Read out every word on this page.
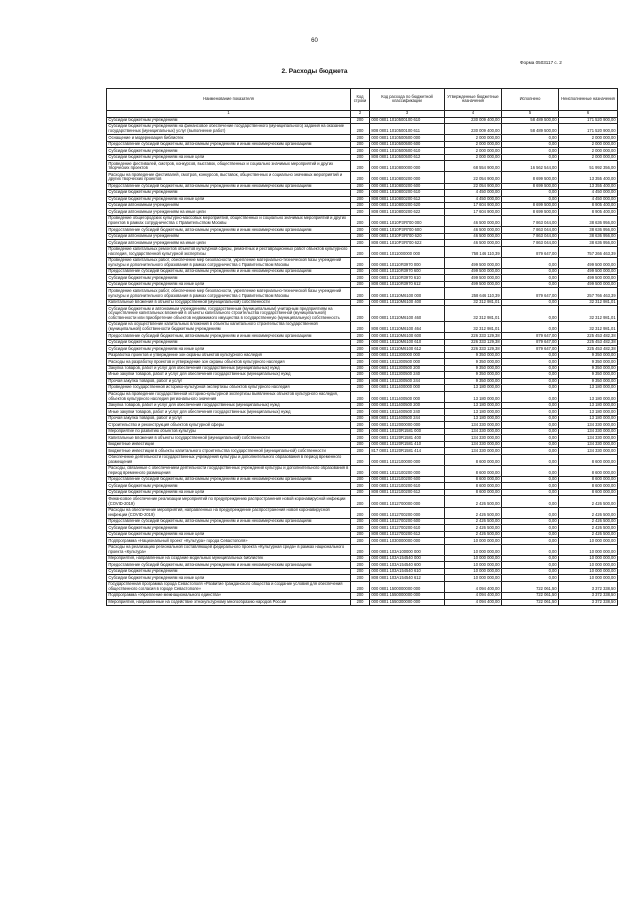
60
Форма 0503117 с. 2
2. Расходы бюджета
Наименование показателя	Код строки	Код расхода по бюджетной классификации	Утвержденные бюджетные назначения	Исполнено	Неисполненные назначения
1	2	3	4	5	6
Субсидии бюджетным учреждениям	200	000 0801 1010500100 610	230 009 400,00	58 489 500,00	171 520 900,00
Субсидии бюджетным учреждениям на финансовое обеспечение государственного (муниципального) задания на оказание государственных (муниципальных) услуг (выполнение работ)	200	808 0801 1010500100 611	230 009 400,00	58 489 500,00	171 520 900,00
Оснащение и модернизация библиотек	200	000 0801 1010500500 000	2 000 000,00	0,00	2 000 000,00
Предоставление субсидий бюджетным, автономным учреждениям и иным некоммерческим организациям	200	000 0801 1010500500 600	2 000 000,00	0,00	2 000 000,00
Субсидии бюджетным учреждениям	200	000 0801 1010500500 610	2 000 000,00	0,00	2 000 000,00
Субсидии бюджетным учреждениям на иные цели	200	808 0801 1010500500 612	2 000 000,00	0,00	2 000 000,00
Проведение фестивалей, смотров, конкурсов, выставок, общественных и социально значимых мероприятий и других творческих проектов	200	000 0801 1010800000 000	68 554 900,00	16 562 544,00	51 992 356,00
Расходы на проведение фестивалей, смотров, конкурсов, выставок, общественных и социально значимых мероприятий и других творческих проектов	200	000 0801 1010800200 000	22 054 900,00	8 699 500,00	13 355 400,00
Предоставление субсидий бюджетным, автономным учреждениям и иным некоммерческим организациям	200	000 0801 1010800200 600	22 054 900,00	8 699 500,00	13 355 400,00
Субсидии бюджетным учреждениям	200	000 0801 1010800200 610	4 450 000,00	0,00	4 450 000,00
Субсидии бюджетным учреждениям на иные цели	200	808 0801 1010800200 612	4 450 000,00	0,00	4 450 000,00
Субсидии автономным учреждениям	200	000 0801 1010800200 620	17 604 900,00	8 699 500,00	8 905 400,00
Субсидии автономным учреждениям на иные цели	200	808 0801 1010800200 622	17 604 900,00	8 699 500,00	8 905 400,00
Проведение общегородских культурно-массовых мероприятий, общественных и социально значимых мероприятий и других проектов в рамках сотрудничества с Правительством Москвы	200	000 0801 1010Р3Я700 000	46 500 000,00	7 863 044,00	38 636 956,00
Предоставление субсидий бюджетным, автономным учреждениям и иным некоммерческим организациям	200	000 0801 1010Р3Я700 600	46 500 000,00	7 863 044,00	38 636 956,00
Субсидии автономным учреждениям	200	000 0801 1010Р3Я700 620	46 500 000,00	7 863 044,00	38 636 956,00
Субсидии автономным учреждениям на иные цели	200	808 0801 1010Р3Я700 622	46 500 000,00	7 863 044,00	38 636 956,00
Проведение капитальных ремонтов объектов культурной сферы, ремонтных и реставрационных работ объектов культурного наследия, государственной культурной экспертизы	200	000 0801 1011000000 000	758 146 110,39	879 647,00	757 266 463,39
Проведение капитальных работ, обеспечение мер безопасности, укрепление материально-технической базы учреждений культуры и дополнительного образования в рамках сотрудничества с Правительством Москвы	200	000 0801 10110Я3970 000	499 500 000,00	0,00	499 500 000,00
Предоставление субсидий бюджетным, автономным учреждениям и иным некоммерческим организациям	200	000 0801 10110Я3970 600	499 500 000,00	0,00	499 500 000,00
Субсидии бюджетным учреждениям	200	000 0801 10110Я3970 610	499 500 000,00	0,00	499 500 000,00
Субсидии бюджетным учреждениям на иные цели	200	808 0801 10110Я3970 612	499 500 000,00	0,00	499 500 000,00
Проведение капитальных работ, обеспечение мер безопасности, укрепление материально-технической базы учреждений культуры и дополнительного образования в рамках сотрудничества с Правительством Москвы	200	000 0801 10110М6100 000	258 646 110,39	879 647,00	257 766 463,39
Капитальные вложения в объекты государственной (муниципальной) собственности	200	000 0801 10110М6100 400	32 312 981,01	0,00	32 312 981,01
Субсидии бюджетным и автономным учреждениям, государственным (муниципальным) унитарным предприятиям на осуществление капитальных вложений в объекты капитального строительства государственной (муниципальной) собственности или приобретение объектов недвижимого имущества в государственную (муниципальную) собственность	200	000 0801 10110М6100 460	32 312 981,01	0,00	32 312 981,01
Субсидии на осуществление капитальных вложений в объекты капитального строительства государственной (муниципальной) собственности бюджетным учреждениям	200	808 0801 10110М6100 464	32 312 981,01	0,00	32 312 981,01
Предоставление субсидий бюджетным, автономным учреждениям и иным некоммерческим организациям	200	000 0801 10110М6100 600	226 333 129,38	879 647,00	225 453 482,38
Субсидии бюджетным учреждениям	200	000 0801 10110М6100 610	226 333 129,38	879 647,00	225 453 482,38
Субсидии бюджетным учреждениям на иные цели	200	808 0801 10110М6100 612	226 333 129,38	879 647,00	225 453 482,38
Разработка проектов и утверждение зон охраны объектов культурного наследия	200	000 0801 1011300000 000	9 350 000,00	0,00	9 350 000,00
Расходы на разработку проектов и утверждение зон охраны объектов культурного наследия	200	000 0801 1011300500 000	9 350 000,00	0,00	9 350 000,00
Закупка товаров, работ и услуг для обеспечения государственных (муниципальных) нужд	200	000 0801 1011300500 200	9 350 000,00	0,00	9 350 000,00
Иные закупки товаров, работ и услуг для обеспечения государственных (муниципальных) нужд	200	000 0801 1011300500 240	9 350 000,00	0,00	9 350 000,00
Прочая закупка товаров, работ и услуг	200	808 0801 1011300500 244	9 350 000,00	0,00	9 350 000,00
Проведение государственной историко-культурной экспертизы объектов культурного наследия	200	000 0801 1011400000 000	13 180 000,00	0,00	13 180 000,00
Расходы на проведение государственной историко-культурной экспертизы выявленных объектов культурного наследия, объектов культурного наследия регионального значения	200	000 0801 1011400500 000	13 180 000,00	0,00	13 180 000,00
Закупка товаров, работ и услуг для обеспечения государственных (муниципальных) нужд	200	000 0801 1011400500 200	13 180 000,00	0,00	13 180 000,00
Иные закупки товаров, работ и услуг для обеспечения государственных (муниципальных) нужд	200	000 0801 1011400500 240	13 180 000,00	0,00	13 180 000,00
Прочая закупка товаров, работ и услуг	200	808 0801 1011400500 244	13 180 000,00	0,00	13 180 000,00
Строительство и реконструкция объектов культурной сферы	200	000 0801 1012000000 000	134 330 000,00	0,00	134 330 000,00
Мероприятие по развитию объектов культуры	200	000 0801 10120R1581 000	134 330 000,00	0,00	134 330 000,00
Капитальные вложения в объекты государственной (муниципальной) собственности	200	000 0801 10120R1581 400	134 330 000,00	0,00	134 330 000,00
Бюджетные инвестиции	200	000 0801 10120R1581 410	134 330 000,00	0,00	134 330 000,00
Бюджетные инвестиции в объекты капитального строительства государственной (муниципальной) собственности	200	817 0801 10120R1581 414	134 330 000,00	0,00	134 330 000,00
Обеспечение деятельности государственных учреждений культуры и дополнительного образования в период временного размещения	200	000 0801 1012100000 000	8 600 000,00	0,00	8 600 000,00
Расходы, связанные с обеспечением деятельности государственных учреждений культуры и дополнительного образования в период временного размещения	200	000 0801 1012100200 000	8 600 000,00	0,00	8 600 000,00
Предоставление субсидий бюджетным, автономным учреждениям и иным некоммерческим организациям	200	000 0801 1012100200 600	8 600 000,00	0,00	8 600 000,00
Субсидии бюджетным учреждениям	200	000 0801 1012100200 610	8 600 000,00	0,00	8 600 000,00
Субсидии бюджетным учреждениям на иные цели	200	808 0801 1012100200 612	8 600 000,00	0,00	8 600 000,00
Финансовое обеспечение реализации мероприятий по предупреждению распространения новой коронавирусной инфекции (COVID-2019)	200	000 0801 1012700000 000	2 426 500,00	0,00	2 426 500,00
Расходы на обеспечение мероприятий, направленных на предупреждение распространения новой коронавирусной инфекции (COVID-2019)	200	000 0801 1012700200 000	2 426 500,00	0,00	2 426 500,00
Предоставление субсидий бюджетным, автономным учреждениям и иным некоммерческим организациям	200	000 0801 1012700200 600	2 426 500,00	0,00	2 426 500,00
Субсидии бюджетным учреждениям	200	000 0801 1012700200 610	2 426 500,00	0,00	2 426 500,00
Субсидии бюджетным учреждениям на иные цели	200	808 0801 1012700200 612	2 426 500,00	0,00	2 426 500,00
Подпрограмма «Национальный проект «Культура» города Севастополя»	200	000 0801 1030000000 000	10 000 000,00	0,00	10 000 000,00
Расходы на реализацию региональной составляющей федерального проекта «Культурная среда» в рамках национального проекта «Культура»	200	000 0801 103А100000 000	10 000 000,00	0,00	10 000 000,00
Мероприятия, направленные на создание модельных муниципальных библиотек	200	000 0801 103А154540 000	10 000 000,00	0,00	10 000 000,00
Предоставление субсидий бюджетным, автономным учреждениям и иным некоммерческим организациям	200	000 0801 103А154540 600	10 000 000,00	0,00	10 000 000,00
Субсидии бюджетным учреждениям	200	000 0801 103А154540 610	10 000 000,00	0,00	10 000 000,00
Субсидии бюджетным учреждениям на иные цели	200	808 0801 103А154540 612	10 000 000,00	0,00	10 000 000,00
Государственная программа города Севастополя «Развитие гражданского общества и создание условий для обеспечения общественного согласия в городе Севастополе»	200	000 0801 1500000000 000	4 094 400,00	722 061,50	3 372 338,50
Подпрограмма «Укрепление межнационального единства»	200	000 0801 1550000000 000	4 094 400,00	722 061,50	3 372 338,50
Мероприятия, направленные на содействие этнокультурному многообразию народов России	200	000 0801 1550300000 000	4 094 400,00	722 061,50	3 372 338,50
